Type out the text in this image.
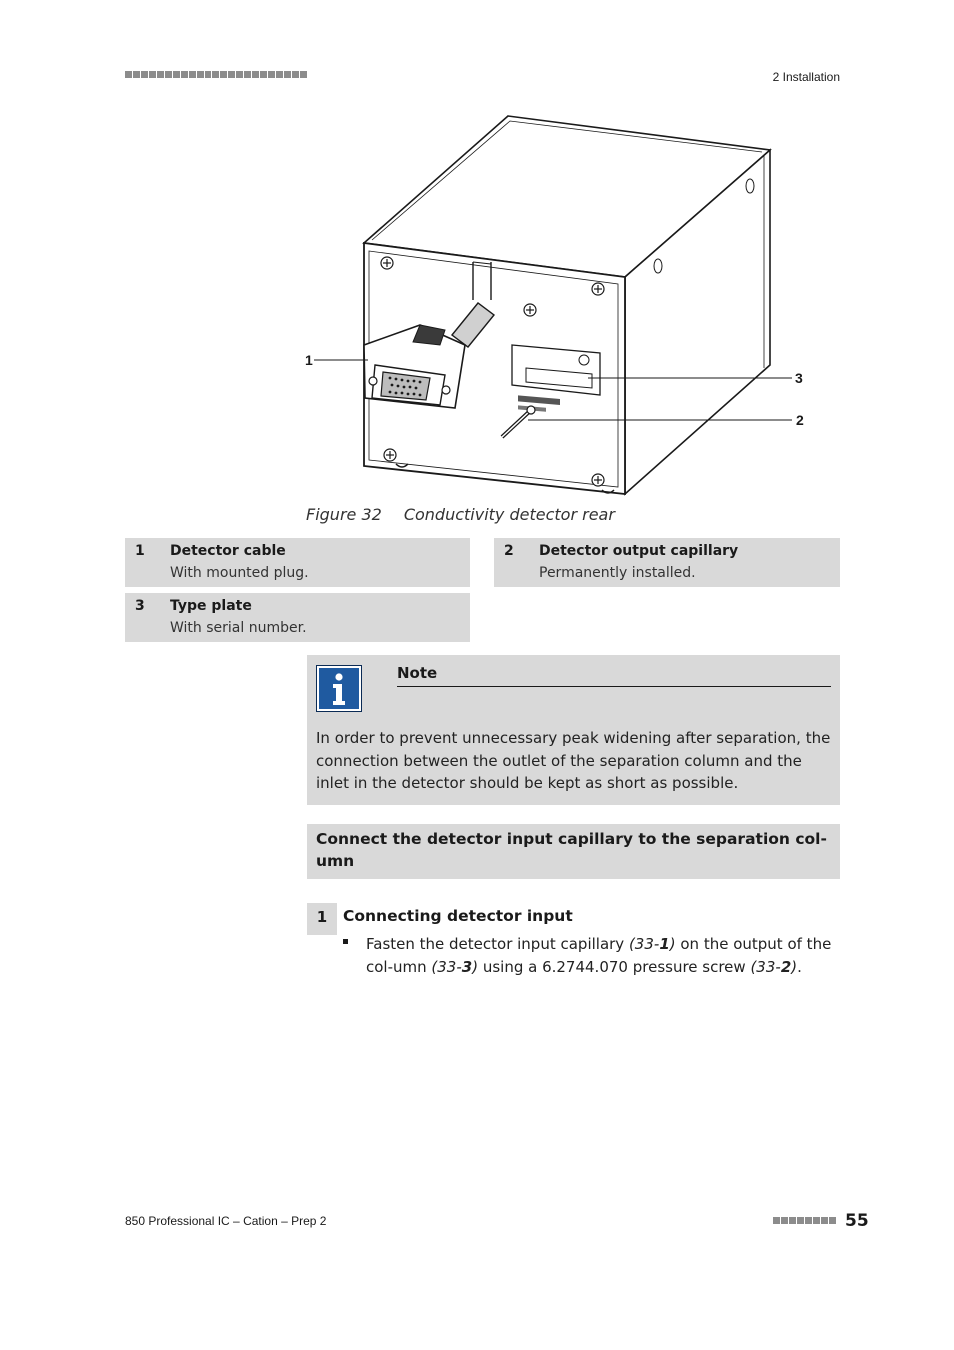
2 Installation
1
3
2
Figure 32 Conductivity detector rear
1 Detector cable
With mounted plug.
2 Detector output capillary
Permanently installed.
3 Type plate
With serial number.
Note
In order to prevent unnecessary peak widening after separation, the connection between the outlet of the separation column and the inlet in the detector should be kept as short as possible.
Connect the detector input capillary to the separation col-umn
1	Connecting detector input
Fasten the detector input capillary (33-1) on the output of the col-umn (33-3) using a 6.2744.070 pressure screw (33-2).
850 Professional IC – Cation – Prep 2	55
